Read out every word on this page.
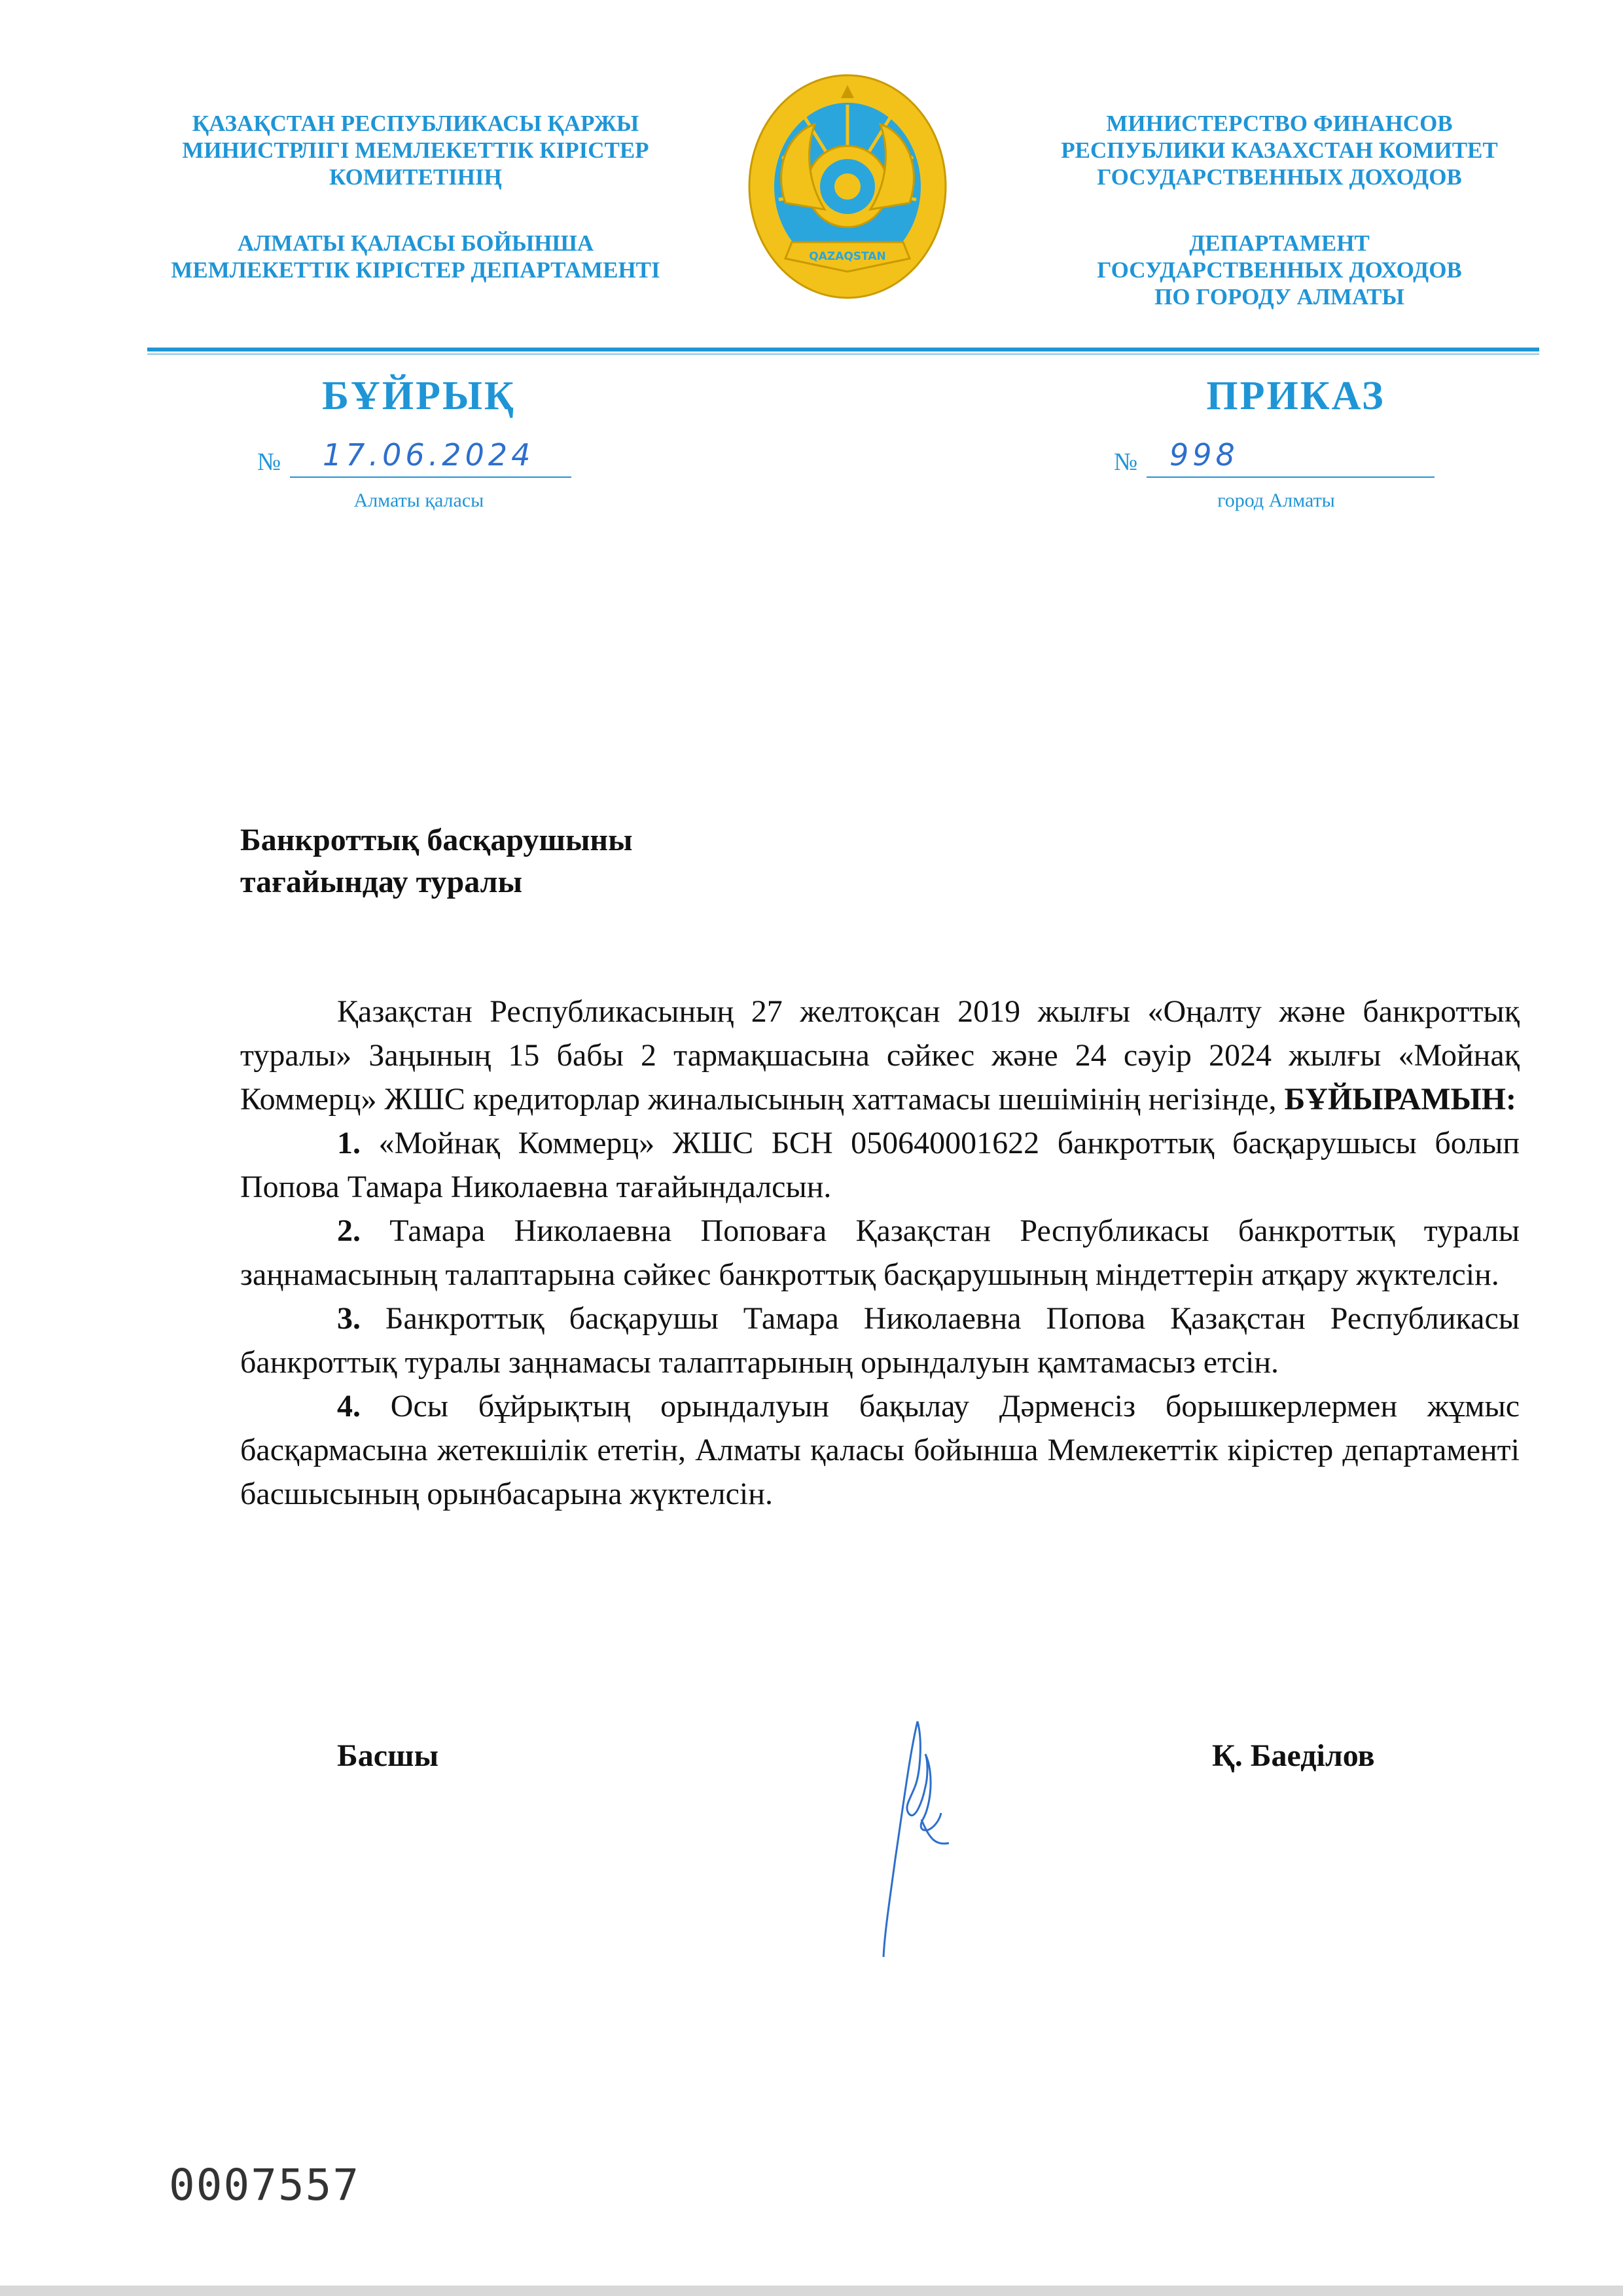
ҚАЗАҚСТАН РЕСПУБЛИКАСЫ ҚАРЖЫ
МИНИСТРЛІГІ МЕМЛЕКЕТТІК КІРІСТЕР
КОМИТЕТІНІҢ
АЛМАТЫ ҚАЛАСЫ БОЙЫНША
МЕМЛЕКЕТТІК КІРІСТЕР ДЕПАРТАМЕНТІ
QAZAQSTAN
МИНИСТЕРСТВО ФИНАНСОВ
РЕСПУБЛИКИ КАЗАХСТАН КОМИТЕТ
ГОСУДАРСТВЕННЫХ ДОХОДОВ
ДЕПАРТАМЕНТ
ГОСУДАРСТВЕННЫХ ДОХОДОВ
ПО ГОРОДУ АЛМАТЫ
БҰЙРЫҚ	ПРИКАЗ
№ 17.06.2024	№ 998
Алматы қаласы	город Алматы
Банкроттық басқарушыны
тағайындау туралы

Қазақстан Республикасының 27 желтоқсан 2019 жылғы «Оңалту және банкроттық туралы» Заңының 15 бабы 2 тармақшасына сәйкес және 24 сәуір 2024 жылғы «Мойнақ Коммерц» ЖШС кредиторлар жиналысының хаттамасы шешімінің негізінде, БҰЙЫРАМЫН:

1. «Мойнақ Коммерц» ЖШС БСН 050640001622 банкроттық басқарушысы болып Попова Тамара Николаевна тағайындалсын.

2. Тамара Николаевна Поповаға Қазақстан Республикасы банкроттық туралы заңнамасының талаптарына сәйкес банкроттық басқарушының міндеттерін атқару жүктелсін.

3. Банкроттық басқарушы Тамара Николаевна Попова Қазақстан Республикасы банкроттық туралы заңнамасы талаптарының орындалуын қамтамасыз етсін.

4. Осы бұйрықтың орындалуын бақылау Дәрменсіз борышкерлермен жұмыс басқармасына жетекшілік ететін, Алматы қаласы бойынша Мемлекеттік кірістер департаменті басшысының орынбасарына жүктелсін.

Басшы	Қ. Баеділов
0007557
